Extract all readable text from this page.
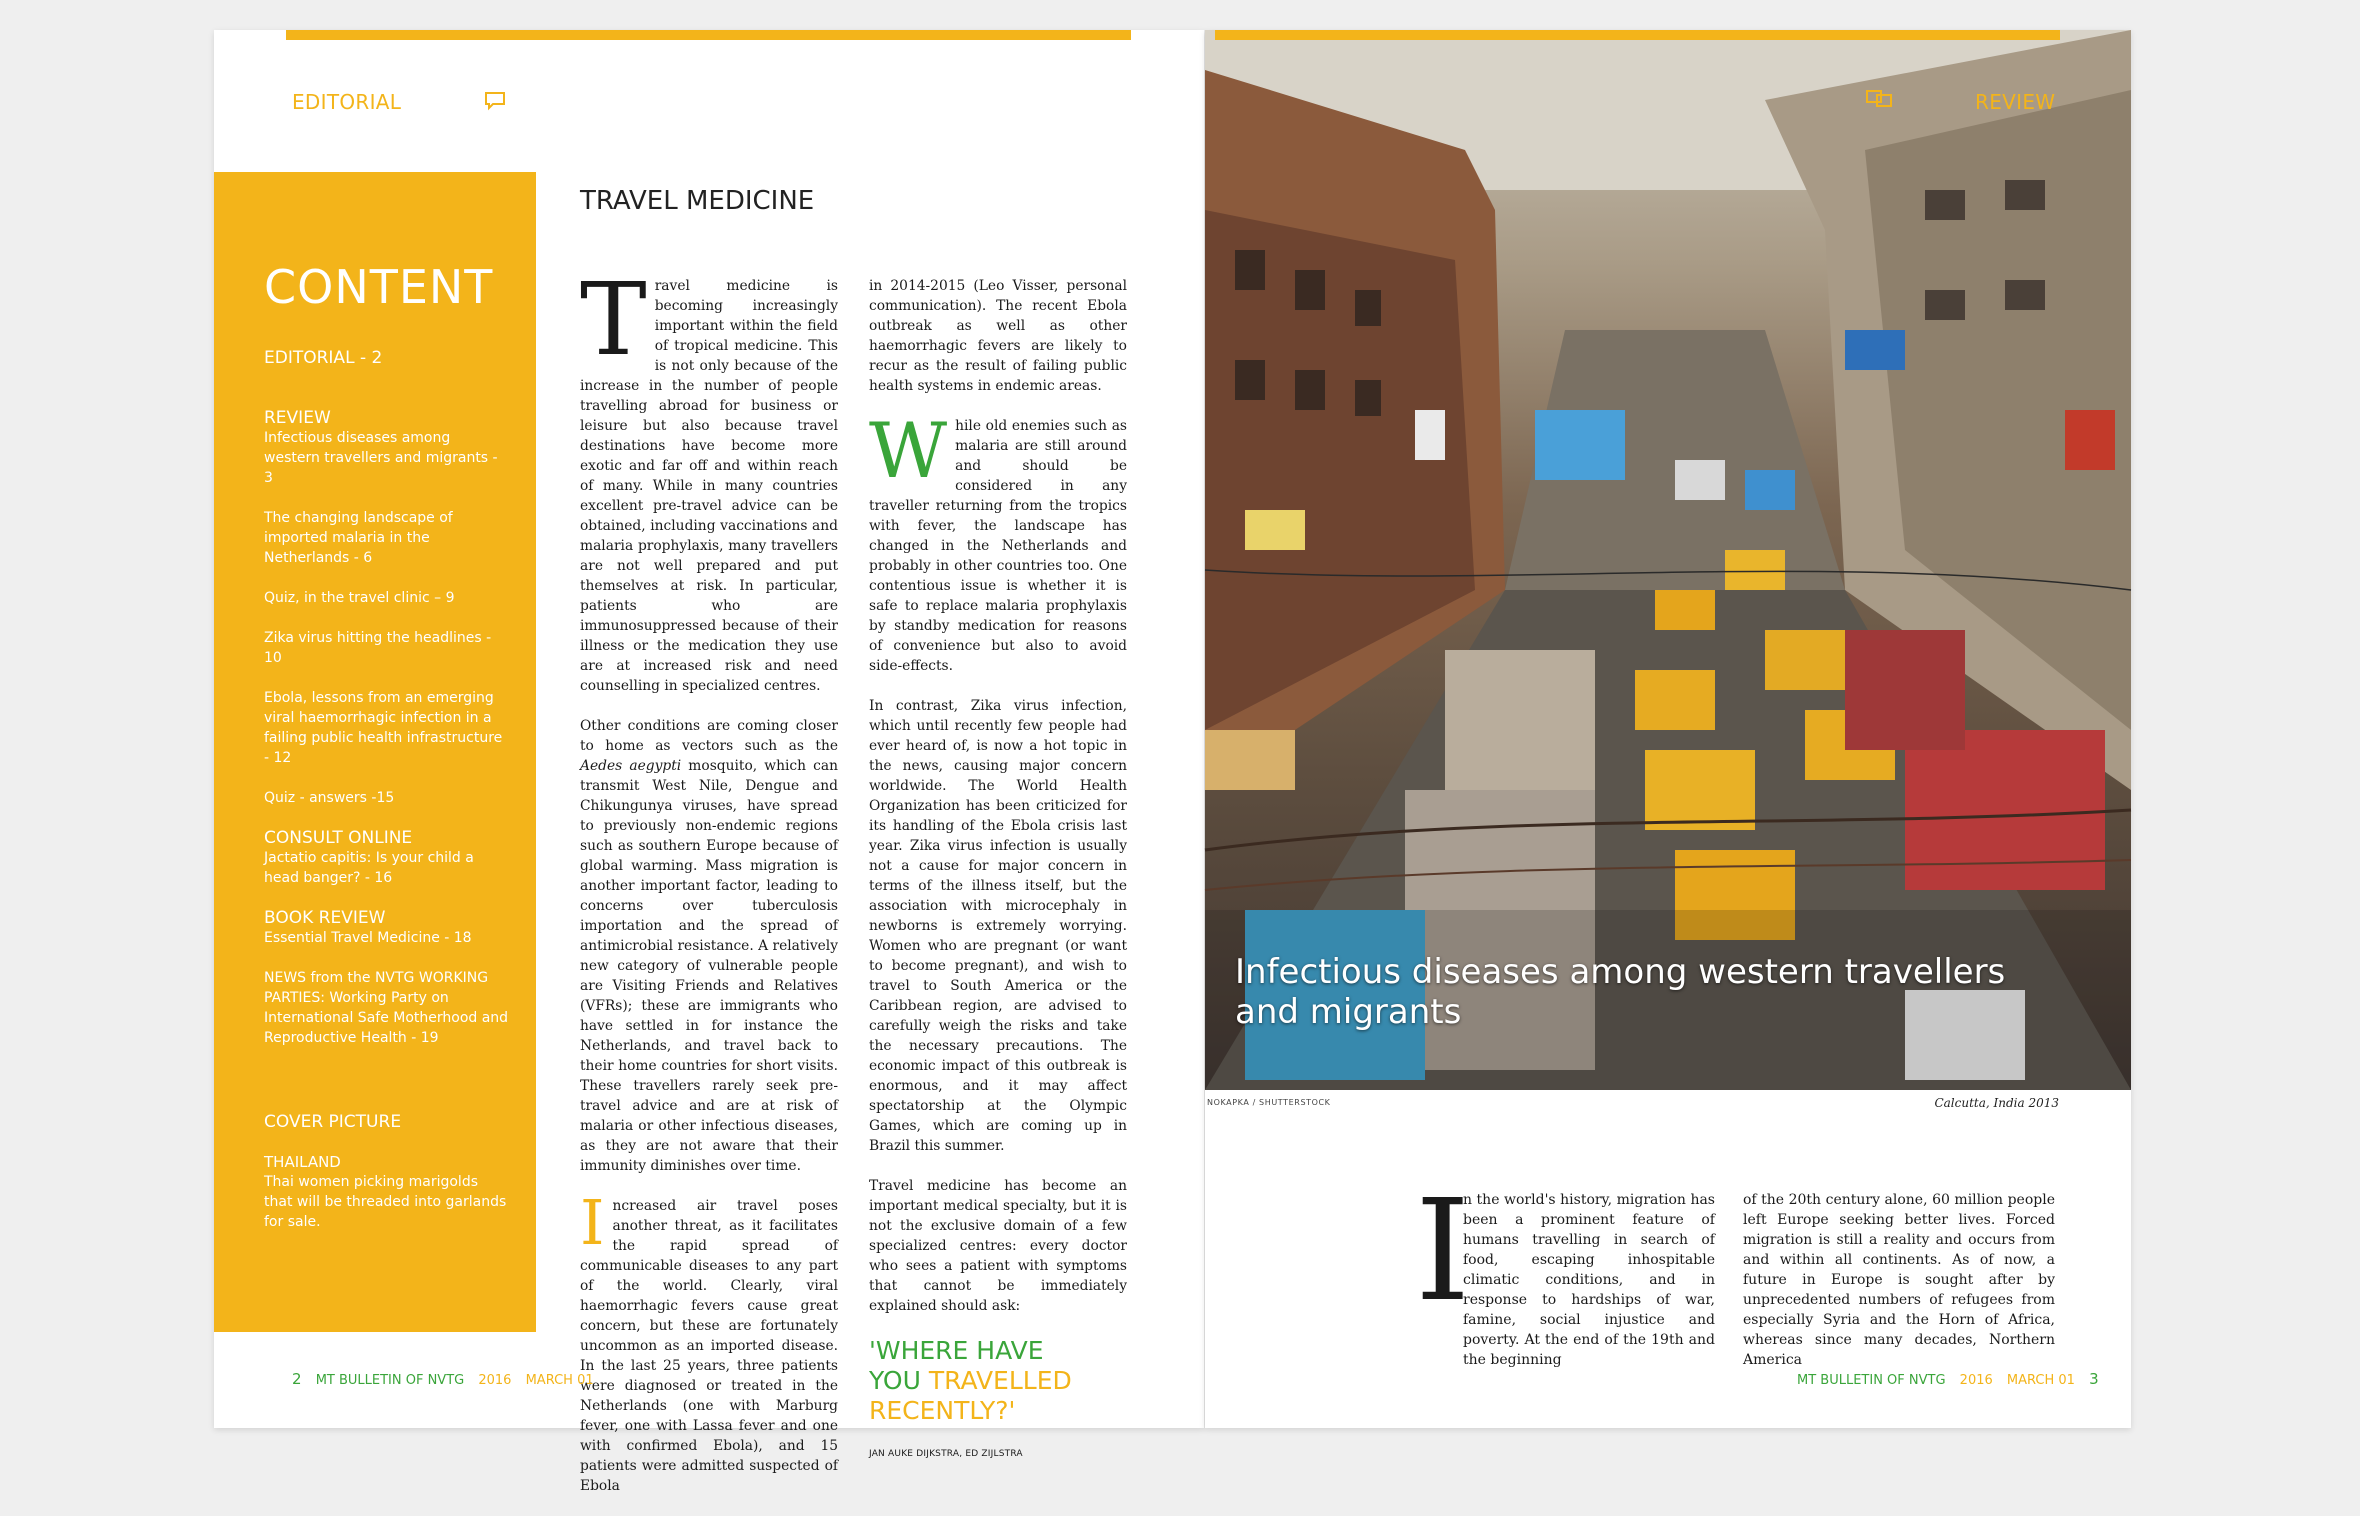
EDITORIAL
CONTENT
EDITORIAL - 2
REVIEW
Infectious diseases among western travellers and migrants - 3
The changing landscape of imported malaria in the Netherlands - 6
Quiz, in the travel clinic – 9
Zika virus hitting the headlines - 10
Ebola, lessons from an emerging viral haemorrhagic infection in a failing public health infrastructure - 12
Quiz - answers -15
CONSULT ONLINE
Jactatio capitis: Is your child a head banger? - 16
BOOK REVIEW
Essential Travel Medicine - 18
NEWS from the NVTG WORKING PARTIES: Working Party on International Safe Motherhood and Reproductive Health - 19
COVER PICTURE
THAILAND
Thai women picking marigolds that will be threaded into garlands for sale.
TRAVEL MEDICINE

Travel medicine is becoming increasingly important within the field of tropical medicine. This is not only because of the increase in the number of people travelling abroad for business or leisure but also because travel destinations have become more exotic and far off and within reach of many. While in many countries excellent pre-travel advice can be obtained, including vaccinations and malaria prophylaxis, many travellers are not well prepared and put themselves at risk. In particular, patients who are immunosuppressed because of their illness or the medication they use are at increased risk and need counselling in specialized centres.

Other conditions are coming closer to home as vectors such as the Aedes aegypti mosquito, which can transmit West Nile, Dengue and Chikungunya viruses, have spread to previously non-endemic regions such as southern Europe because of global warming. Mass migration is another important factor, leading to concerns over tuberculosis importation and the spread of antimicrobial resistance. A relatively new category of vulnerable people are Visiting Friends and Relatives (VFRs); these are immigrants who have settled in for instance the Netherlands, and travel back to their home countries for short visits. These travellers rarely seek pre-travel advice and are at risk of malaria or other infectious diseases, as they are not aware that their immunity diminishes over time.

Increased air travel poses another threat, as it facilitates the rapid spread of communicable diseases to any part of the world. Clearly, viral haemorrhagic fevers cause great concern, but these are fortunately uncommon as an imported disease. In the last 25 years, three patients were diagnosed or treated in the Netherlands (one with Marburg fever, one with Lassa fever and one with confirmed Ebola), and 15 patients were admitted suspected of Ebola

in 2014-2015 (Leo Visser, personal communication). The recent Ebola outbreak as well as other haemorrhagic fevers are likely to recur as the result of failing public health systems in endemic areas.

While old enemies such as malaria are still around and should be considered in any traveller returning from the tropics with fever, the landscape has changed in the Netherlands and probably in other countries too. One contentious issue is whether it is safe to replace malaria prophylaxis by standby medication for reasons of convenience but also to avoid side-effects.

In contrast, Zika virus infection, which until recently few people had ever heard of, is now a hot topic in the news, causing major concern worldwide. The World Health Organization has been criticized for its handling of the Ebola crisis last year. Zika virus infection is usually not a cause for major concern in terms of the illness itself, but the association with microcephaly in newborns is extremely worrying. Women who are pregnant (or want to become pregnant), and wish to travel to South America or the Caribbean region, are advised to carefully weigh the risks and take the necessary precautions. The economic impact of this outbreak is enormous, and it may affect spectatorship at the Olympic Games, which are coming up in Brazil this summer.

Travel medicine has become an important medical specialty, but it is not the exclusive domain of a few specialized centres: every doctor who sees a patient with symptoms that cannot be immediately explained should ask:

'WHERE HAVE
YOU TRAVELLED
RECENTLY?'
JAN AUKE DIJKSTRA, ED ZIJLSTRA
2 MT BULLETIN OF NVTG 2016 MARCH 01
REVIEW
Infectious diseases among western travellers and migrants
NOKAPKA / SHUTTERSTOCK	Calcutta, India 2013
I
n the world's history, migration has been a prominent feature of humans travelling in search of food, escaping inhospitable climatic conditions, and in response to hardships of war, famine, social injustice and poverty. At the end of the 19th and the beginning
of the 20th century alone, 60 million people left Europe seeking better lives. Forced migration is still a reality and occurs from and within all continents. As of now, a future in Europe is sought after by unprecedented numbers of refugees from especially Syria and the Horn of Africa, whereas since many decades, Northern America
MT BULLETIN OF NVTG 2016 MARCH 01 3
